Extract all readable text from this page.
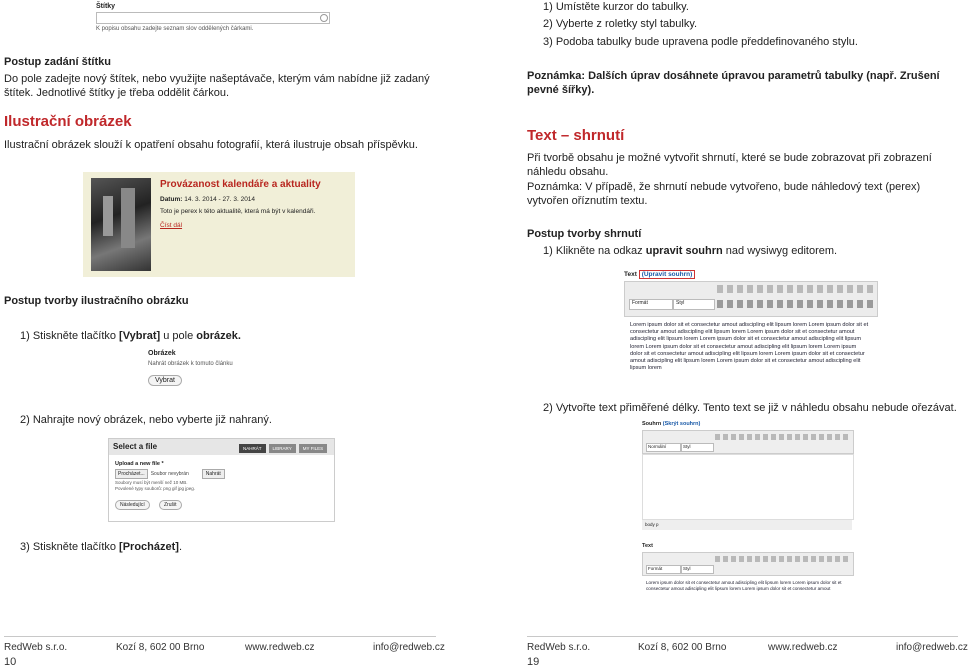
Štítky
K popisu obsahu zadejte seznam slov oddělených čárkami.
Postup zadání štítku
Do pole zadejte nový štítek, nebo využijte našeptávače, kterým vám nabídne již zadaný štítek. Jednotlivé štítky je třeba oddělit čárkou.
Ilustrační obrázek
Ilustrační obrázek slouží k opatření obsahu fotografií, která ilustruje obsah příspěvku.
Provázanost kalendáře a aktuality
Datum: 14. 3. 2014 - 27. 3. 2014
Toto je perex k této aktualitě, která má být v kalendáři.
Číst dál
Postup tvorby ilustračního obrázku
1) Stiskněte tlačítko [Vybrat] u pole obrázek.
Obrázek
Nahrát obrázek k tomuto článku
Vybrat
2) Nahrajte nový obrázek, nebo vyberte již nahraný.
Select a file	NAHRÁT	LIBRARY	MY FILES
Upload a new file *
Procházet...	Soubor nevybrán	Nahrát
Soubory musí být menší než 10 MB.
Povolené typy souborů: png gif jpg jpeg.
Následující	Zrušit
3) Stiskněte tlačítko [Procházet].
RedWeb s.r.o.	Kozí 8, 602 00 Brno	www.redweb.cz	info@redweb.cz
10
1) Umístěte kurzor do tabulky.
2) Vyberte z roletky styl tabulky.
3) Podoba tabulky bude upravena podle předdefinovaného stylu.
Poznámka: Dalších úprav dosáhnete úpravou parametrů tabulky (např. Zrušení pevné šířky).
Text – shrnutí
Při tvorbě obsahu je možné vytvořit shrnutí, které se bude zobrazovat při zobrazení náhledu obsahu.
Poznámka: V případě, že shrnutí nebude vytvořeno, bude náhledový text (perex) vytvořen oříznutím textu.
Postup tvorby shrnutí
1) Klikněte na odkaz upravit souhrn nad wysiwyg editorem.
Text (Upravit souhrn)
Formát	Styl
Lorem ipsum dolor sit et consectetur amout adiscipling elit lipsum lorem Lorem ipsum dolor sit et consectetur amout adiscipling elit lipsum lorem Lorem ipsum dolor sit et consectetur amout adiscipling elit lipsum lorem Lorem ipsum dolor sit et consectetur amout adiscipling elit lipsum lorem Lorem ipsum dolor sit et consectetur amout adiscipling elit lipsum lorem Lorem ipsum dolor sit et consectetur amout adiscipling elit lipsum lorem Lorem ipsum dolor sit et consectetur amout adiscipling elit lipsum lorem Lorem ipsum dolor sit et consectetur amout adiscipling elit lipsum lorem
2) Vytvořte text přiměřené délky. Tento text se již v náhledu obsahu nebude ořezávat.
Souhrn (Skrýt souhrn)
Normální	Styl
body p
Text
Formát	Styl
Lorem ipsum dolor sit et consectetur amout adiscipling elit lipsum lorem Lorem ipsum dolor sit et consectetur amout adiscipling elit lipsum lorem Lorem ipsum dolor sit et consectetur amout
RedWeb s.r.o.	Kozí 8, 602 00 Brno	www.redweb.cz	info@redweb.cz
19
